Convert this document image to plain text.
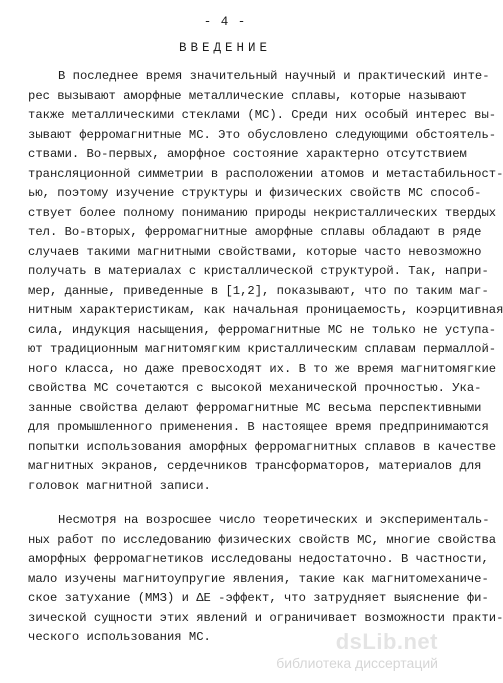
- 4 -
ВВЕДЕНИЕ
В последнее время значительный научный и практический инте-
рес вызывают аморфные металлические сплавы, которые называют
также металлическими стеклами (МС). Среди них особый интерес вы-
зывают ферромагнитные МС. Это обусловлено следующими обстоятель-
ствами. Во-первых, аморфное состояние характерно отсутствием
трансляционной симметрии в расположении атомов и метастабильност-
ью, поэтому изучение структуры и физических свойств МС способ-
ствует более полному пониманию природы некристаллических твердых
тел. Во-вторых, ферромагнитные аморфные сплавы обладают в ряде
случаев такими магнитными свойствами, которые часто невозможно
получать в материалах с кристаллической структурой. Так, напри-
мер, данные, приведенные в [1,2], показывают, что по таким маг-
нитным характеристикам, как начальная проницаемость, коэрцитивная
сила, индукция насыщения, ферромагнитные МС не только не уступа-
ют традиционным магнитомягким кристаллическим сплавам пермаллой-
ного класса, но даже превосходят их. В то же время магнитомягкие
свойства МС сочетаются с высокой механической прочностью. Ука-
занные свойства делают ферромагнитные МС весьма перспективными
для промышленного применения. В настоящее время предпринимаются
попытки использования аморфных ферромагнитных сплавов в качестве
магнитных экранов, сердечников трансформаторов, материалов для
головок магнитной записи.
Несмотря на возросшее число теоретических и эксперименталь-
ных работ по исследованию физических свойств МС, многие свойства
аморфных ферромагнетиков исследованы недостаточно. В частности,
мало изучены магнитоупругие явления, такие как магнитомеханиче-
ское затухание (ММЗ) и ΔE -эффект, что затрудняет выяснение фи-
зической сущности этих явлений и ограничивает возможности практи-
ческого использования МС.	dsLib.net
библиотека диссертаций
